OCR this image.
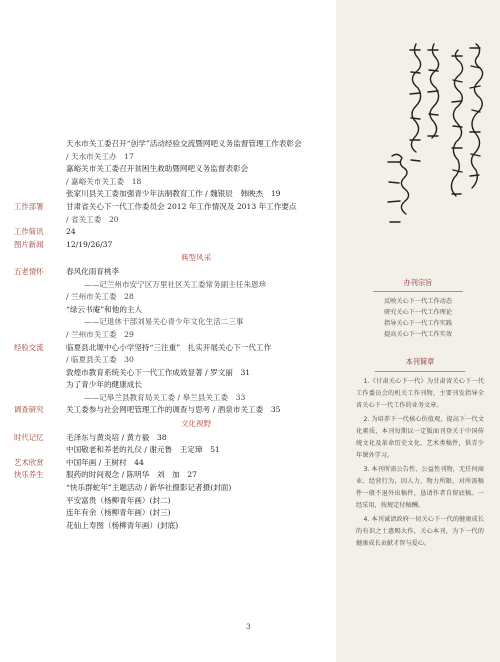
天水市关工委召开“创学”活动经验交流暨网吧义务监督管理工作表彰会
/ 天水市关工办　17
嘉峪关市关工委召开贫困生救助暨网吧义务监督表彰会
/ 嘉峪关市关工委　18
张家川县关工委加强青少年法制教育工作 / 魏银辰　韩映杰　19
工作部署	甘肃省关心下一代工作委员会 2012 年工作情况及 2013 年工作要点
/ 省关工委　20
工作简讯	24
图片新闻	12/19/26/37
典型风采
五老情怀	春风化雨育桃李
——记兰州市安宁区万里社区关工委常务副主任朱恩珍
/ 兰州市关工委　28
“绿云书庵”和他的主人
——记退休干部刘易关心青少年文化生活二三事
/ 兰州市关工委　29
经验交流	临夏县北塬中心小学坚持“三注重”　扎实开展关心下一代工作
/ 临夏县关工委　30
敦煌市教育系统关心下一代工作成效显著 / 罗文丽　31
为了青少年的健康成长
——记皋兰县教育局关工委 / 皋兰县关工委　33
调查研究	关工委参与社会网吧管理工作的调查与思考 / 酒泉市关工委　35
文化视野
时代记忆	毛泽东与黄炎培 / 黄方毅　38
中国敬老和养老的礼仪 / 谢元鲁　王定璋　51
艺术欣赏	中国年画 / 王树村　44
快乐养生	服药的时间观念 / 陈明华　刘　加　27
“快乐群蛇年”主题活动 / 新华社摄影记者摄(封面)
平安富贵（杨柳青年画）(封二)
连年有余（杨柳青年画）(封三)
花仙上寿图（杨柳青年画）(封底)
3
办刊宗旨
反映关心下一代工作动态
研究关心下一代工作理论
指导关心下一代工作实践
提高关心下一代工作实效
本刊简章

1.《甘肃关心下一代》为甘肃省关心下一代工作委员会的机关工作刊物，主要刊发指导全省关心下一代工作的业务文章。

2. 为培养下一代核心价值观，提高下一代文化素质，本刊每期以一定版面刊登关于中国传统文化及革命历史文化、艺术类稿件，供青少年课外学习。

3. 本刊所需公告性、公益性刊物，无任何商业、经营行为，因人力、物力所限，对所需稿件一般不退外出稿件，恳请作者自留底稿。一经采用，按规定付稿酬。

4. 本刊诚请政府一切关心下一代的健康成长的有识之士惠赐大作，关心本刊，为下一代的健康成长贡献才智与爱心。
